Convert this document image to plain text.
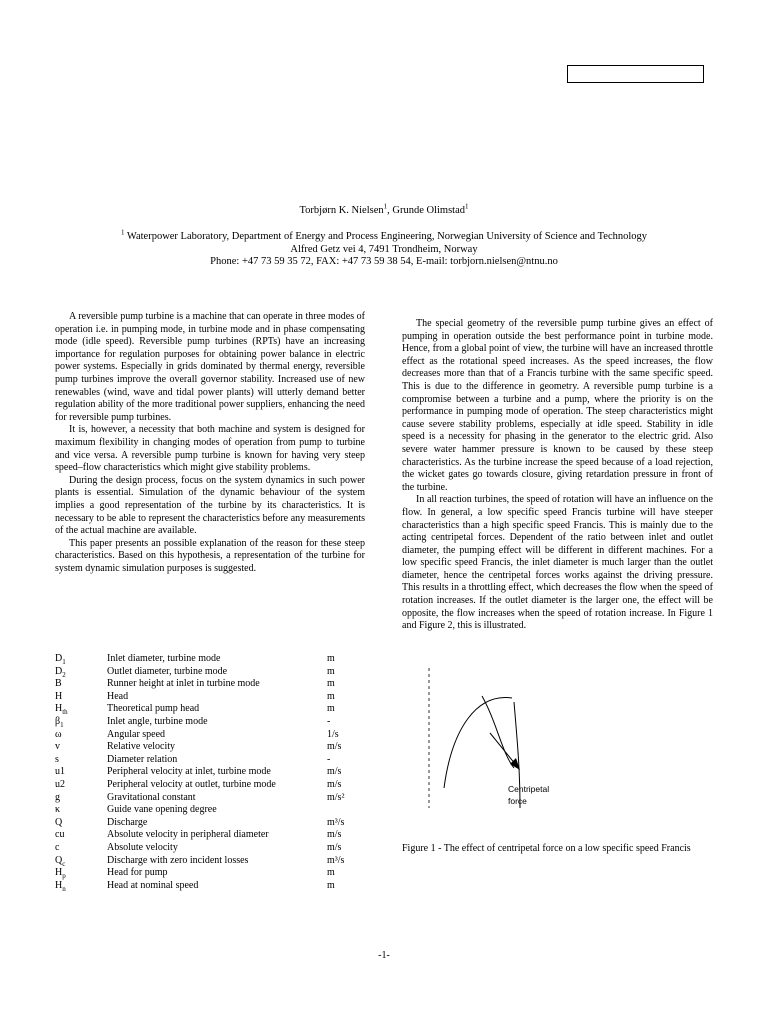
Torbjørn K. Nielsen$^1$, Grunde Olimstad$^1$
$^1$ Waterpower Laboratory, Department of Energy and Process Engineering, Norwegian University of Science and Technology
Alfred Getz vei 4, 7491 Trondheim, Norway
Phone: +47 73 59 35 72, FAX: +47 73 59 38 54, E-mail: torbjorn.nielsen@ntnu.no

A reversible pump turbine is a machine that can operate in three modes of operation i.e. in pumping mode, in turbine mode and in phase compensating mode (idle speed). Reversible pump turbines (RPTs) have an increasing importance for regulation purposes for obtaining power balance in electric power systems. Especially in grids dominated by thermal energy, reversible pump turbines improve the overall governor stability. Increased use of new renewables (wind, wave and tidal power plants) will utterly demand better regulation ability of the more traditional power suppliers, enhancing the need for reversible pump turbines.

It is, however, a necessity that both machine and system is designed for maximum flexibility in changing modes of operation from pump to turbine and vice versa. A reversible pump turbine is known for having very steep speed–flow characteristics which might give stability problems.

During the design process, focus on the system dynamics in such power plants is essential. Simulation of the dynamic behaviour of the system implies a good representation of the turbine by its characteristics. It is necessary to be able to represent the characteristics before any measurements of the actual machine are available.

This paper presents an possible explanation of the reason for these steep characteristics. Based on this hypothesis, a representation of the turbine for system dynamic simulation purposes is suggested.

$D_1$	Inlet diameter, turbine mode	m
$D_2$	Outlet diameter, turbine mode	m
B	Runner height at inlet in turbine mode	m
H	Head	m
$H_{th}$	Theoretical pump head	m
$\beta_1$	Inlet angle, turbine mode	-
ω	Angular speed	1/s
v	Relative velocity	m/s
s	Diameter relation	-
u1	Peripheral velocity at inlet, turbine mode	m/s
u2	Peripheral velocity at outlet, turbine mode	m/s
g	Gravitational constant	m/s²
κ	Guide vane opening degree	
Q	Discharge	m³/s
cu	Absolute velocity in peripheral diameter	m/s
c	Absolute velocity	m/s
$Q_c$	Discharge with zero incident losses	m³/s
$H_p$	Head for pump	m
$H_n$	Head at nominal speed	m

The special geometry of the reversible pump turbine gives an effect of pumping in operation outside the best performance point in turbine mode. Hence, from a global point of view, the turbine will have an increased throttle effect as the rotational speed increases. As the speed increases, the flow decreases more than that of a Francis turbine with the same specific speed. This is due to the difference in geometry. A reversible pump turbine is a compromise between a turbine and a pump, where the priority is on the performance in pumping mode of operation. The steep characteristics might cause severe stability problems, especially at idle speed. Stability in idle speed is a necessity for phasing in the generator to the electric grid. Also severe water hammer pressure is known to be caused by these steep characteristics. As the turbine increase the speed because of a load rejection, the wicket gates go towards closure, giving retardation pressure in front of the turbine.

In all reaction turbines, the speed of rotation will have an influence on the flow. In general, a low specific speed Francis turbine will have steeper characteristics than a high specific speed Francis. This is mainly due to the acting centripetal forces. Dependent of the ratio between inlet and outlet diameter, the pumping effect will be different in different machines. For a low specific speed Francis, the inlet diameter is much larger than the outlet diameter, hence the centripetal forces works against the driving pressure. This results in a throttling effect, which decreases the flow when the speed of rotation increases. If the outlet diameter is the larger one, the effect will be opposite, the flow increases when the speed of rotation increase. In Figure 1 and Figure 2, this is illustrated.

Centripetal
force
Figure 1 - The effect of centripetal force on a low specific speed Francis
-1-
